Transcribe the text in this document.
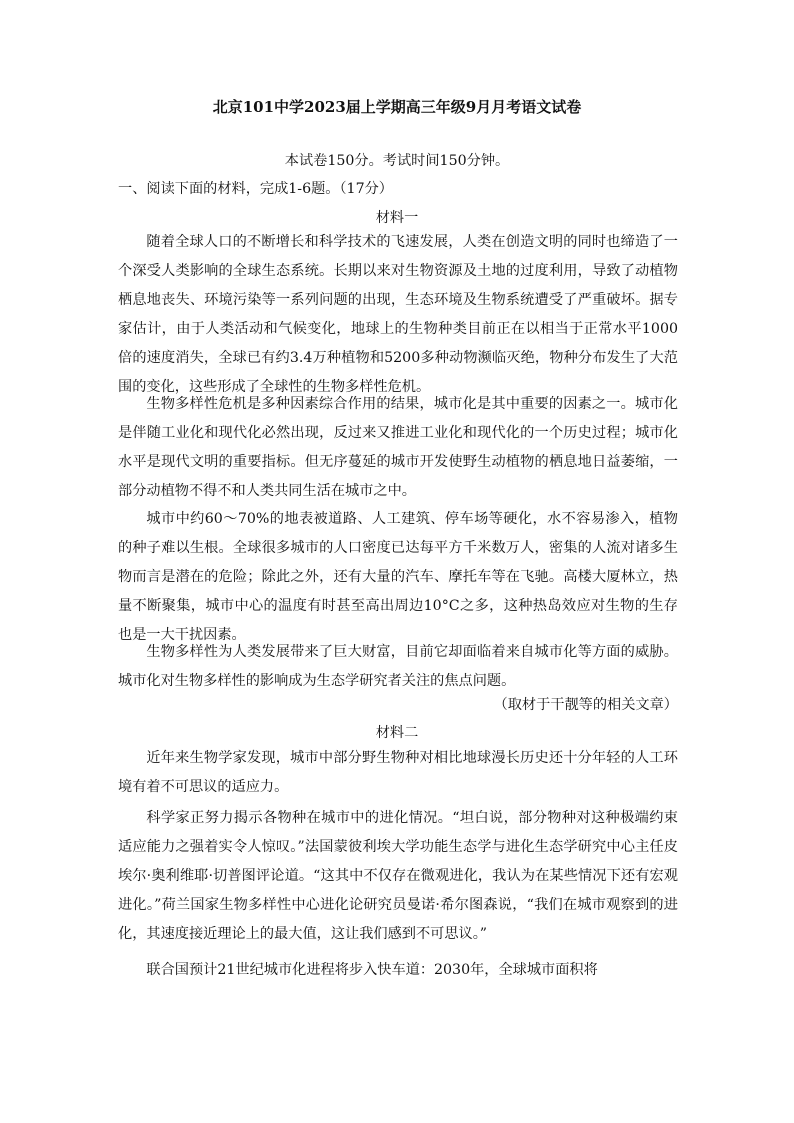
北京101中学2023届上学期高三年级9月月考语文试卷
本试卷150分。考试时间150分钟。
一、阅读下面的材料，完成1-6题。（17分）
材料一
随着全球人口的不断增长和科学技术的飞速发展，人类在创造文明的同时也缔造了一个深受人类影响的全球生态系统。长期以来对生物资源及土地的过度利用，导致了动植物栖息地丧失、环境污染等一系列问题的出现，生态环境及生物系统遭受了严重破坏。据专家估计，由于人类活动和气候变化，地球上的生物种类目前正在以相当于正常水平1000倍的速度消失，全球已有约3.4万种植物和5200多种动物濒临灭绝，物种分布发生了大范围的变化，这些形成了全球性的生物多样性危机。
生物多样性危机是多种因素综合作用的结果，城市化是其中重要的因素之一。城市化是伴随工业化和现代化必然出现，反过来又推进工业化和现代化的一个历史过程；城市化水平是现代文明的重要指标。但无序蔓延的城市开发使野生动植物的栖息地日益萎缩，一部分动植物不得不和人类共同生活在城市之中。
城市中约60～70%的地表被道路、人工建筑、停车场等硬化，水不容易渗入，植物的种子难以生根。全球很多城市的人口密度已达每平方千米数万人，密集的人流对诸多生物而言是潜在的危险；除此之外，还有大量的汽车、摩托车等在飞驰。高楼大厦林立，热量不断聚集，城市中心的温度有时甚至高出周边10°C之多，这种热岛效应对生物的生存也是一大干扰因素。
生物多样性为人类发展带来了巨大财富，目前它却面临着来自城市化等方面的威胁。城市化对生物多样性的影响成为生态学研究者关注的焦点问题。
（取材于干靓等的相关文章）
材料二
近年来生物学家发现，城市中部分野生物种对相比地球漫长历史还十分年轻的人工环境有着不可思议的适应力。
科学家正努力揭示各物种在城市中的进化情况。“坦白说，部分物种对这种极端约束适应能力之强着实令人惊叹。”法国蒙彼利埃大学功能生态学与进化生态学研究中心主任皮埃尔·奥利维耶·切普图评论道。“这其中不仅存在微观进化，我认为在某些情况下还有宏观进化。”荷兰国家生物多样性中心进化论研究员曼诺·希尔图森说，“我们在城市观察到的进化，其速度接近理论上的最大值，这让我们感到不可思议。”
联合国预计21世纪城市化进程将步入快车道：2030年，全球城市面积将
